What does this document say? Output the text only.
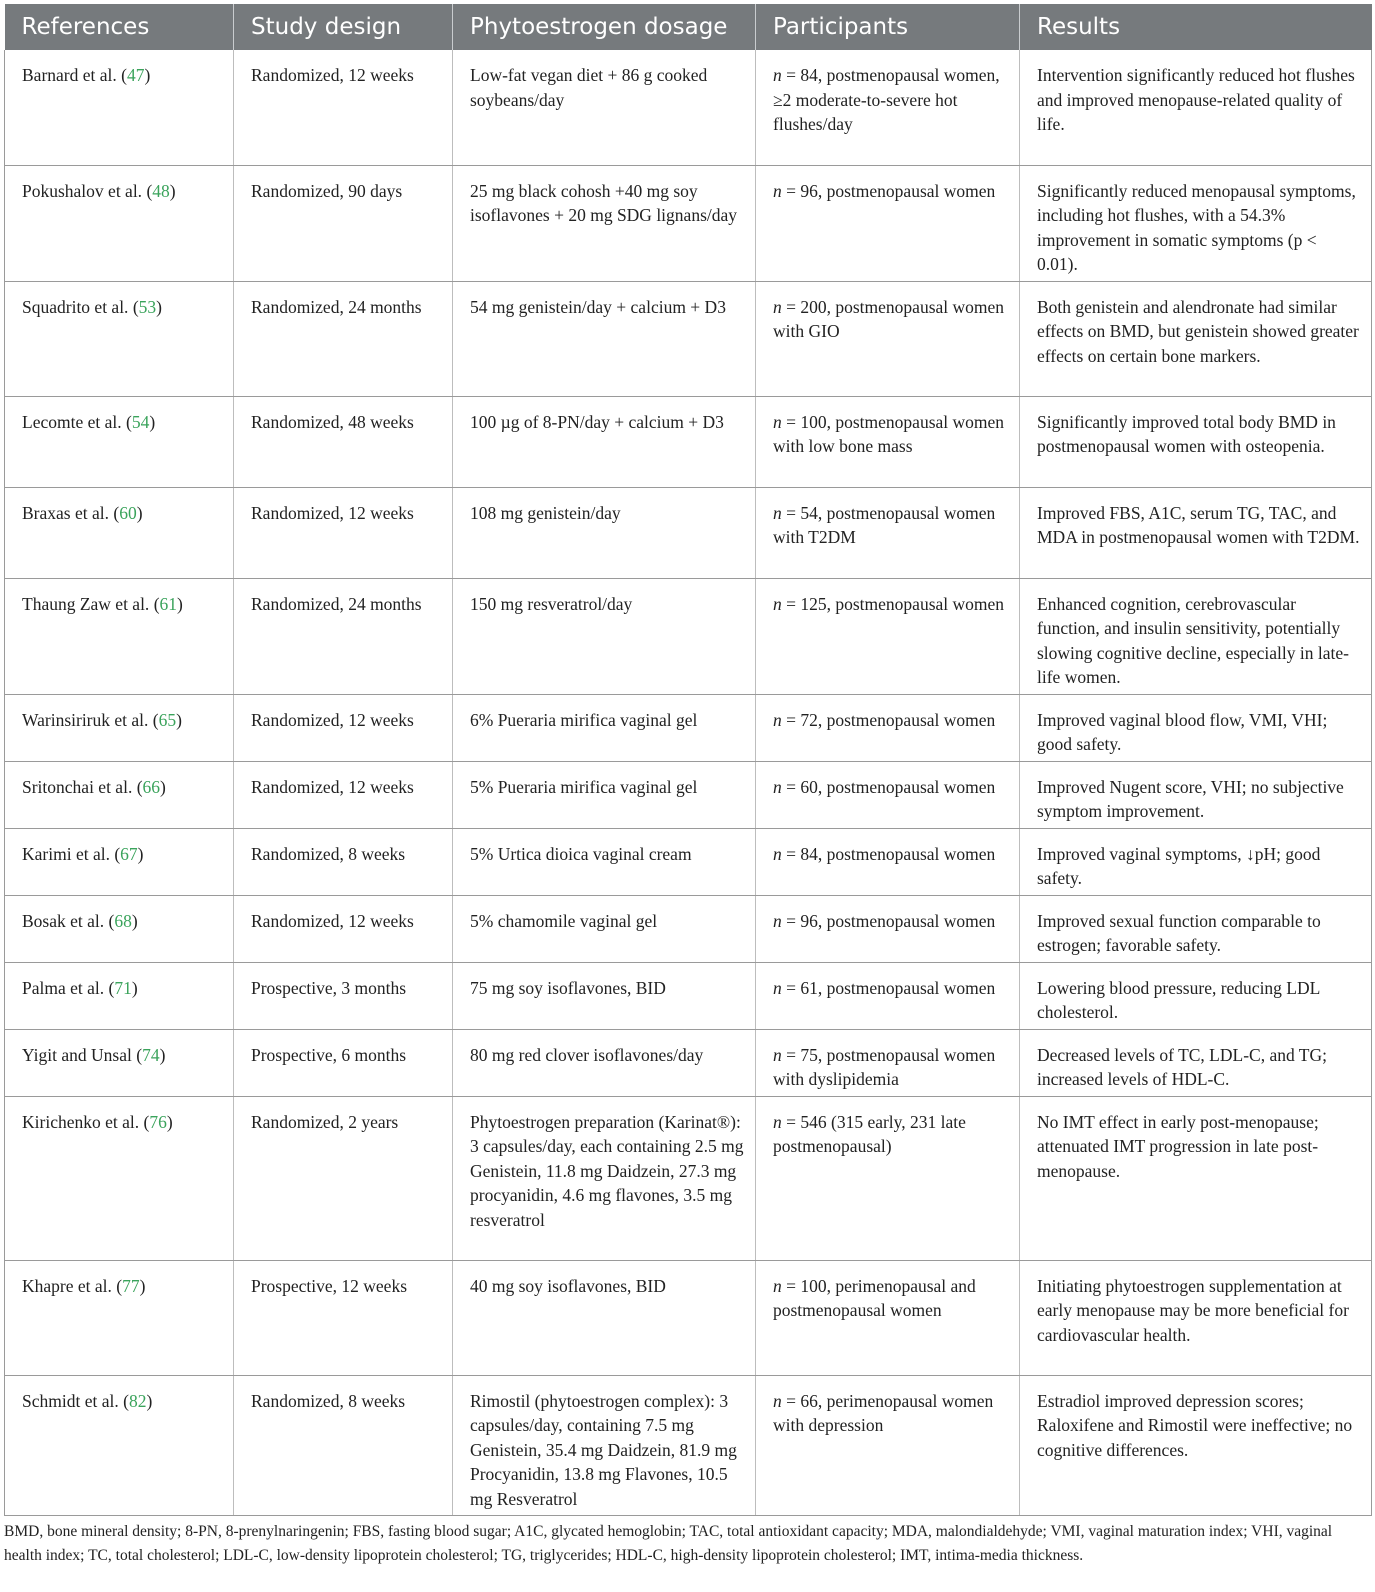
References	Study design	Phytoestrogen dosage	Participants	Results
Barnard et al. (47)	Randomized, 12 weeks	Low-fat vegan diet + 86 g cooked soybeans/day	n = 84, postmenopausal women, ≥2 moderate-to-severe hot flushes/day	Intervention significantly reduced hot flushes and improved menopause-related quality of life.
Pokushalov et al. (48)	Randomized, 90 days	25 mg black cohosh +40 mg soy isoflavones + 20 mg SDG lignans/day	n = 96, postmenopausal women	Significantly reduced menopausal symptoms, including hot flushes, with a 54.3% improvement in somatic symptoms (p < 0.01).
Squadrito et al. (53)	Randomized, 24 months	54 mg genistein/day + calcium + D3	n = 200, postmenopausal women with GIO	Both genistein and alendronate had similar effects on BMD, but genistein showed greater effects on certain bone markers.
Lecomte et al. (54)	Randomized, 48 weeks	100 µg of 8-PN/day + calcium + D3	n = 100, postmenopausal women with low bone mass	Significantly improved total body BMD in postmenopausal women with osteopenia.
Braxas et al. (60)	Randomized, 12 weeks	108 mg genistein/day	n = 54, postmenopausal women with T2DM	Improved FBS, A1C, serum TG, TAC, and MDA in postmenopausal women with T2DM.
Thaung Zaw et al. (61)	Randomized, 24 months	150 mg resveratrol/day	n = 125, postmenopausal women	Enhanced cognition, cerebrovascular function, and insulin sensitivity, potentially slowing cognitive decline, especially in late-life women.
Warinsiriruk et al. (65)	Randomized, 12 weeks	6% Pueraria mirifica vaginal gel	n = 72, postmenopausal women	Improved vaginal blood flow, VMI, VHI; good safety.
Sritonchai et al. (66)	Randomized, 12 weeks	5% Pueraria mirifica vaginal gel	n = 60, postmenopausal women	Improved Nugent score, VHI; no subjective symptom improvement.
Karimi et al. (67)	Randomized, 8 weeks	5% Urtica dioica vaginal cream	n = 84, postmenopausal women	Improved vaginal symptoms, ↓pH; good safety.
Bosak et al. (68)	Randomized, 12 weeks	5% chamomile vaginal gel	n = 96, postmenopausal women	Improved sexual function comparable to estrogen; favorable safety.
Palma et al. (71)	Prospective, 3 months	75 mg soy isoflavones, BID	n = 61, postmenopausal women	Lowering blood pressure, reducing LDL cholesterol.
Yigit and Unsal (74)	Prospective, 6 months	80 mg red clover isoflavones/day	n = 75, postmenopausal women with dyslipidemia	Decreased levels of TC, LDL-C, and TG; increased levels of HDL-C.
Kirichenko et al. (76)	Randomized, 2 years	Phytoestrogen preparation (Karinat®): 3 capsules/day, each containing 2.5 mg Genistein, 11.8 mg Daidzein, 27.3 mg procyanidin, 4.6 mg flavones, 3.5 mg resveratrol	n = 546 (315 early, 231 late postmenopausal)	No IMT effect in early post-menopause; attenuated IMT progression in late post-menopause.
Khapre et al. (77)	Prospective, 12 weeks	40 mg soy isoflavones, BID	n = 100, perimenopausal and postmenopausal women	Initiating phytoestrogen supplementation at early menopause may be more beneficial for cardiovascular health.
Schmidt et al. (82)	Randomized, 8 weeks	Rimostil (phytoestrogen complex): 3 capsules/day, containing 7.5 mg Genistein, 35.4 mg Daidzein, 81.9 mg Procyanidin, 13.8 mg Flavones, 10.5 mg Resveratrol	n = 66, perimenopausal women with depression	Estradiol improved depression scores; Raloxifene and Rimostil were ineffective; no cognitive differences.

BMD, bone mineral density; 8-PN, 8-prenylnaringenin; FBS, fasting blood sugar; A1C, glycated hemoglobin; TAC, total antioxidant capacity; MDA, malondialdehyde; VMI, vaginal maturation index; VHI, vaginal health index; TC, total cholesterol; LDL-C, low-density lipoprotein cholesterol; TG, triglycerides; HDL-C, high-density lipoprotein cholesterol; IMT, intima-media thickness.
